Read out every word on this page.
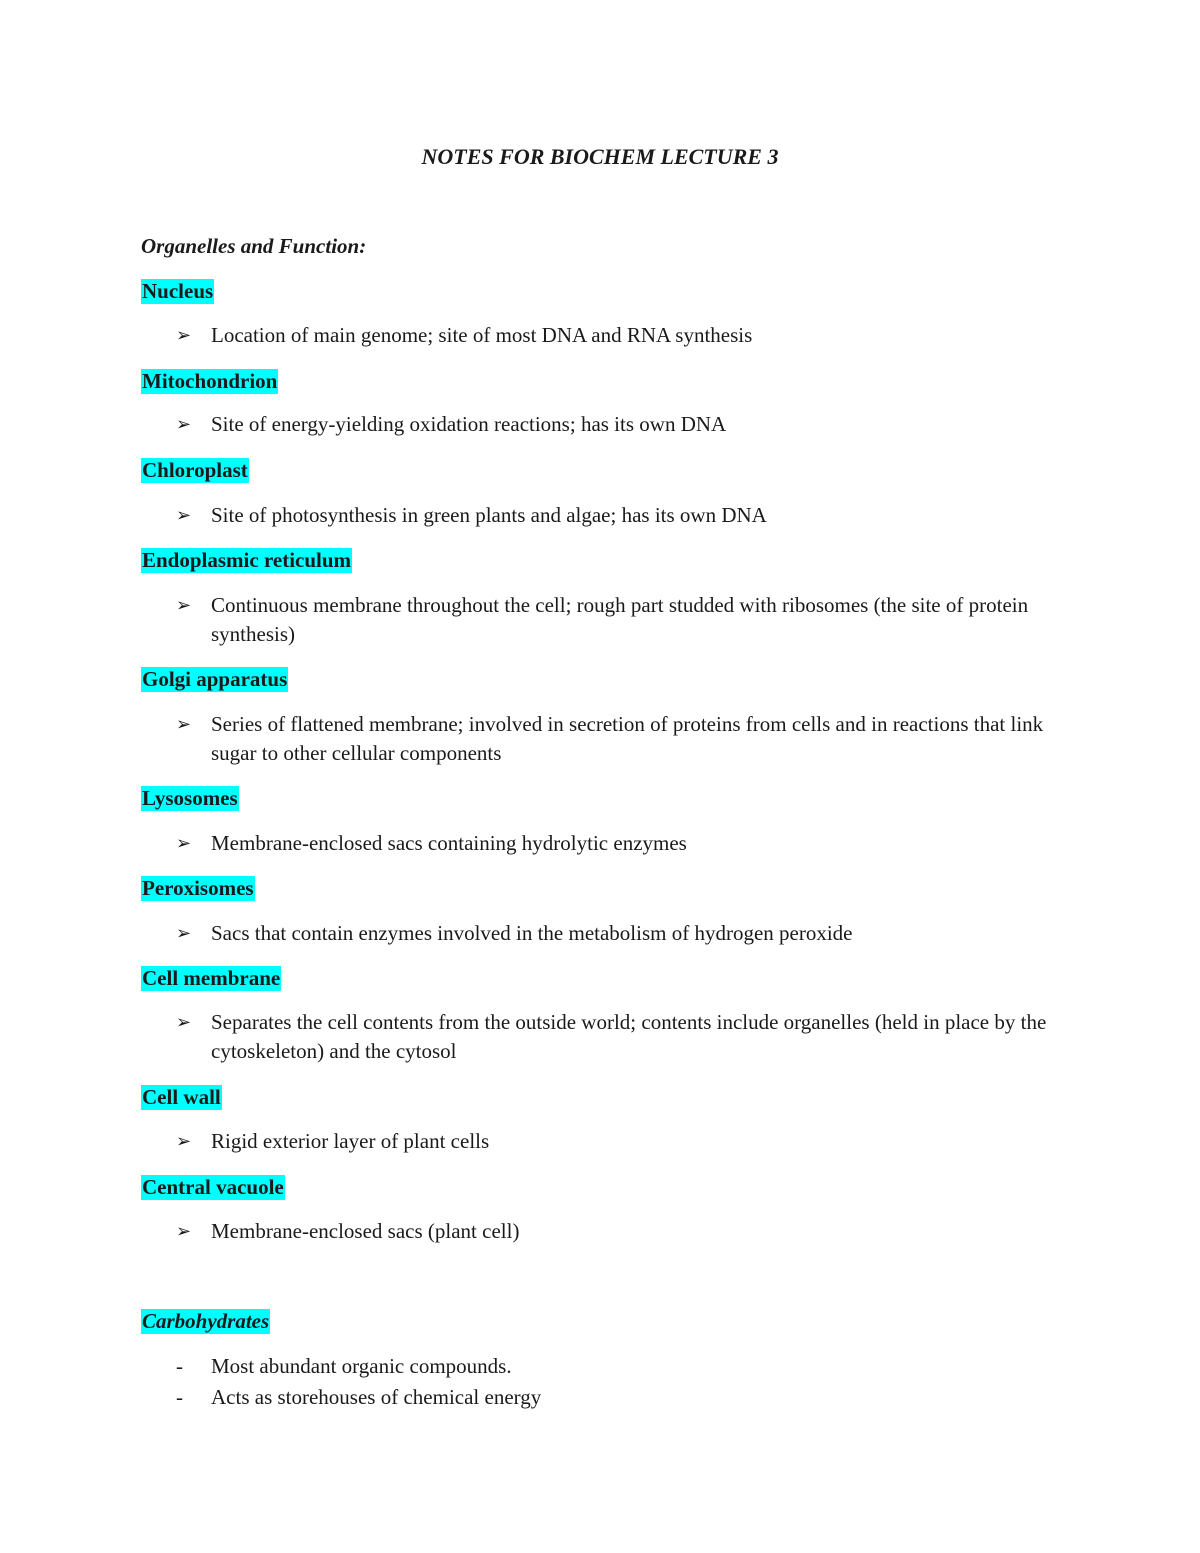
NOTES FOR BIOCHEM LECTURE 3
Organelles and Function:
Nucleus
➢ Location of main genome; site of most DNA and RNA synthesis
Mitochondrion
➢ Site of energy-yielding oxidation reactions; has its own DNA
Chloroplast
➢ Site of photosynthesis in green plants and algae; has its own DNA
Endoplasmic reticulum
➢ Continuous membrane throughout the cell; rough part studded with ribosomes (the site of protein synthesis)
Golgi apparatus
➢ Series of flattened membrane; involved in secretion of proteins from cells and in reactions that link sugar to other cellular components
Lysosomes
➢ Membrane-enclosed sacs containing hydrolytic enzymes
Peroxisomes
➢ Sacs that contain enzymes involved in the metabolism of hydrogen peroxide
Cell membrane
➢ Separates the cell contents from the outside world; contents include organelles (held in place by the cytoskeleton) and the cytosol
Cell wall
➢ Rigid exterior layer of plant cells
Central vacuole
➢ Membrane-enclosed sacs (plant cell)
Carbohydrates
-	Most abundant organic compounds.
-	Acts as storehouses of chemical energy
